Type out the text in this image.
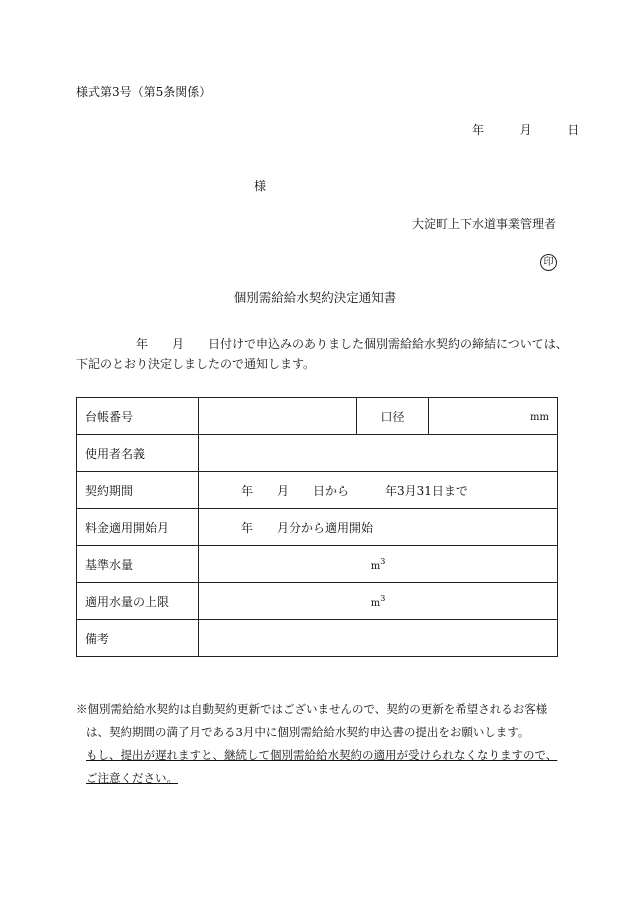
様式第3号（第5条関係）
年	月	日
様
大淀町上下水道事業管理者
印
個別需給給水契約決定通知書
年　　月　　日付けで申込みのありました個別需給給水契約の締結については、
下記のとおり決定しましたので通知します。
台帳番号		口径	mm
使用者名義			
契約期間	年　　月　　日から　　　年3月31日まで		
料金適用開始月	年　　月分から適用開始		
基準水量	$m^3$
適用水量の上限	$m^3$
備考			
※個別需給給水契約は自動契約更新ではございませんので、契約の更新を希望されるお客様
は、契約期間の満了月である3月中に個別需給給水契約申込書の提出をお願いします。
もし、提出が遅れますと、継続して個別需給給水契約の適用が受けられなくなりますので、
ご注意ください。
